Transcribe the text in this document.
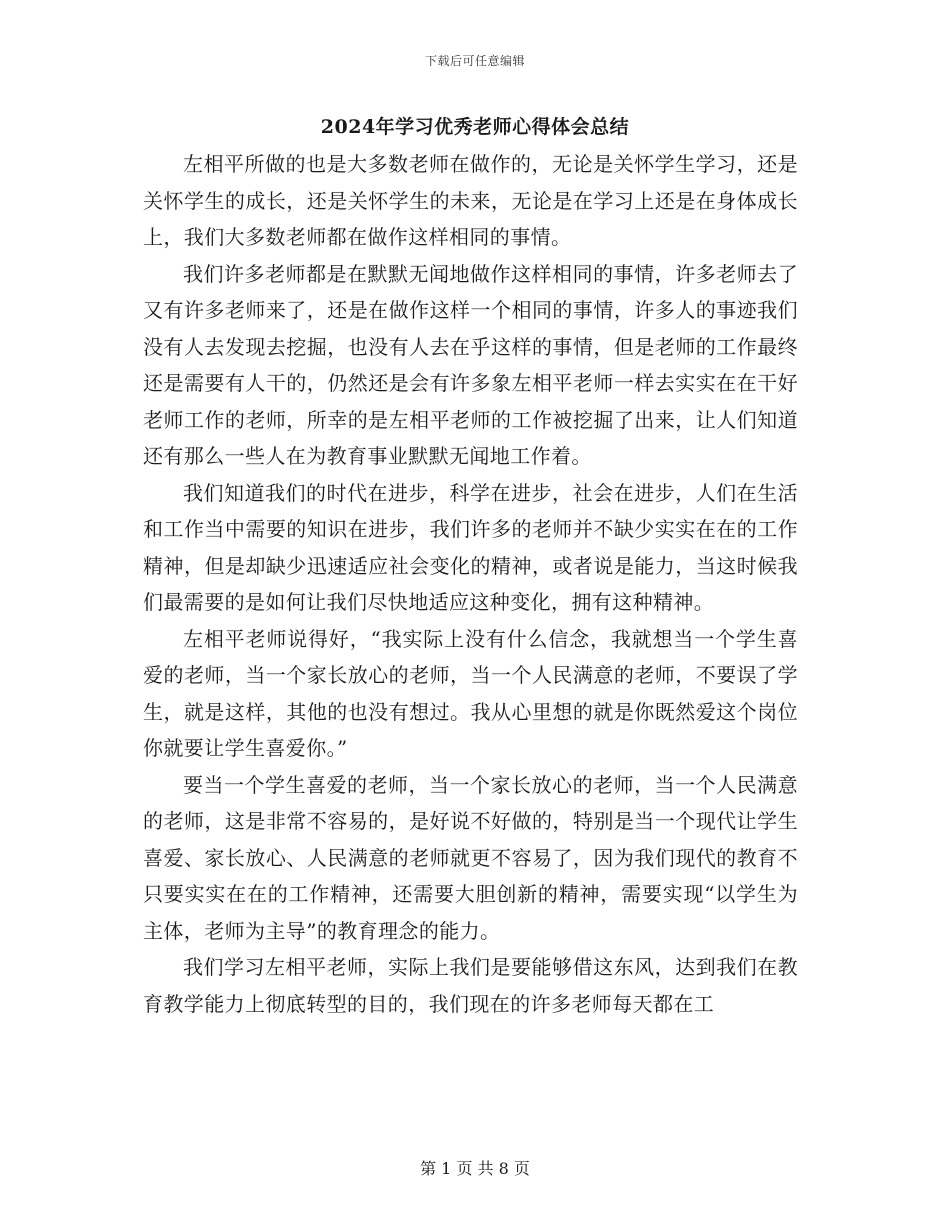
下载后可任意编辑
2024年学习优秀老师心得体会总结

左相平所做的也是大多数老师在做作的，无论是关怀学生学习，还是关怀学生的成长，还是关怀学生的未来，无论是在学习上还是在身体成长上，我们大多数老师都在做作这样相同的事情。

我们许多老师都是在默默无闻地做作这样相同的事情，许多老师去了又有许多老师来了，还是在做作这样一个相同的事情，许多人的事迹我们没有人去发现去挖掘，也没有人去在乎这样的事情，但是老师的工作最终还是需要有人干的，仍然还是会有许多象左相平老师一样去实实在在干好老师工作的老师，所幸的是左相平老师的工作被挖掘了出来，让人们知道还有那么一些人在为教育事业默默无闻地工作着。

我们知道我们的时代在进步，科学在进步，社会在进步，人们在生活和工作当中需要的知识在进步，我们许多的老师并不缺少实实在在的工作精神，但是却缺少迅速适应社会变化的精神，或者说是能力，当这时候我们最需要的是如何让我们尽快地适应这种变化，拥有这种精神。

左相平老师说得好，“我实际上没有什么信念，我就想当一个学生喜爱的老师，当一个家长放心的老师，当一个人民满意的老师，不要误了学生，就是这样，其他的也没有想过。我从心里想的就是你既然爱这个岗位你就要让学生喜爱你。”

要当一个学生喜爱的老师，当一个家长放心的老师，当一个人民满意的老师，这是非常不容易的，是好说不好做的，特别是当一个现代让学生喜爱、家长放心、人民满意的老师就更不容易了，因为我们现代的教育不只要实实在在的工作精神，还需要大胆创新的精神，需要实现“以学生为主体，老师为主导”的教育理念的能力。

我们学习左相平老师，实际上我们是要能够借这东风，达到我们在教育教学能力上彻底转型的目的，我们现在的许多老师每天都在工

第 1 页 共 8 页
